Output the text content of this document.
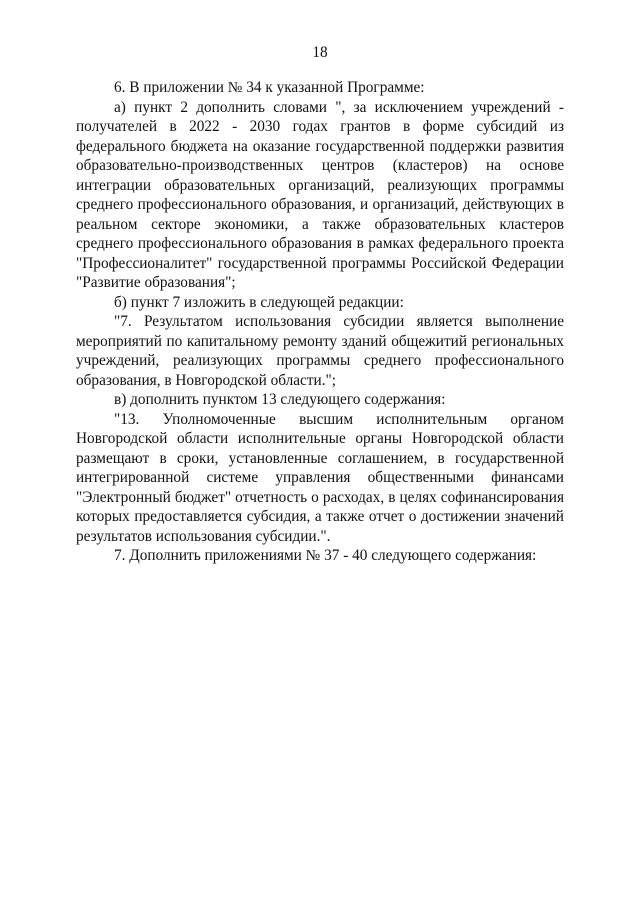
18

6. В приложении № 34 к указанной Программе:

а) пункт 2 дополнить словами ", за исключением учреждений - получателей в 2022 - 2030 годах грантов в форме субсидий из федерального бюджета на оказание государственной поддержки развития образовательно-производственных центров (кластеров) на основе интеграции образовательных организаций, реализующих программы среднего профессионального образования, и организаций, действующих в реальном секторе экономики, а также образовательных кластеров среднего профессионального образования в рамках федерального проекта "Профессионалитет" государственной программы Российской Федерации "Развитие образования";

б) пункт 7 изложить в следующей редакции:

"7. Результатом использования субсидии является выполнение мероприятий по капитальному ремонту зданий общежитий региональных учреждений, реализующих программы среднего профессионального образования, в Новгородской области.";

в) дополнить пунктом 13 следующего содержания:

"13. Уполномоченные высшим исполнительным органом Новгородской области исполнительные органы Новгородской области размещают в сроки, установленные соглашением, в государственной интегрированной системе управления общественными финансами "Электронный бюджет" отчетность о расходах, в целях софинансирования которых предоставляется субсидия, а также отчет о достижении значений результатов использования субсидии.".

7. Дополнить приложениями № 37 - 40 следующего содержания:
